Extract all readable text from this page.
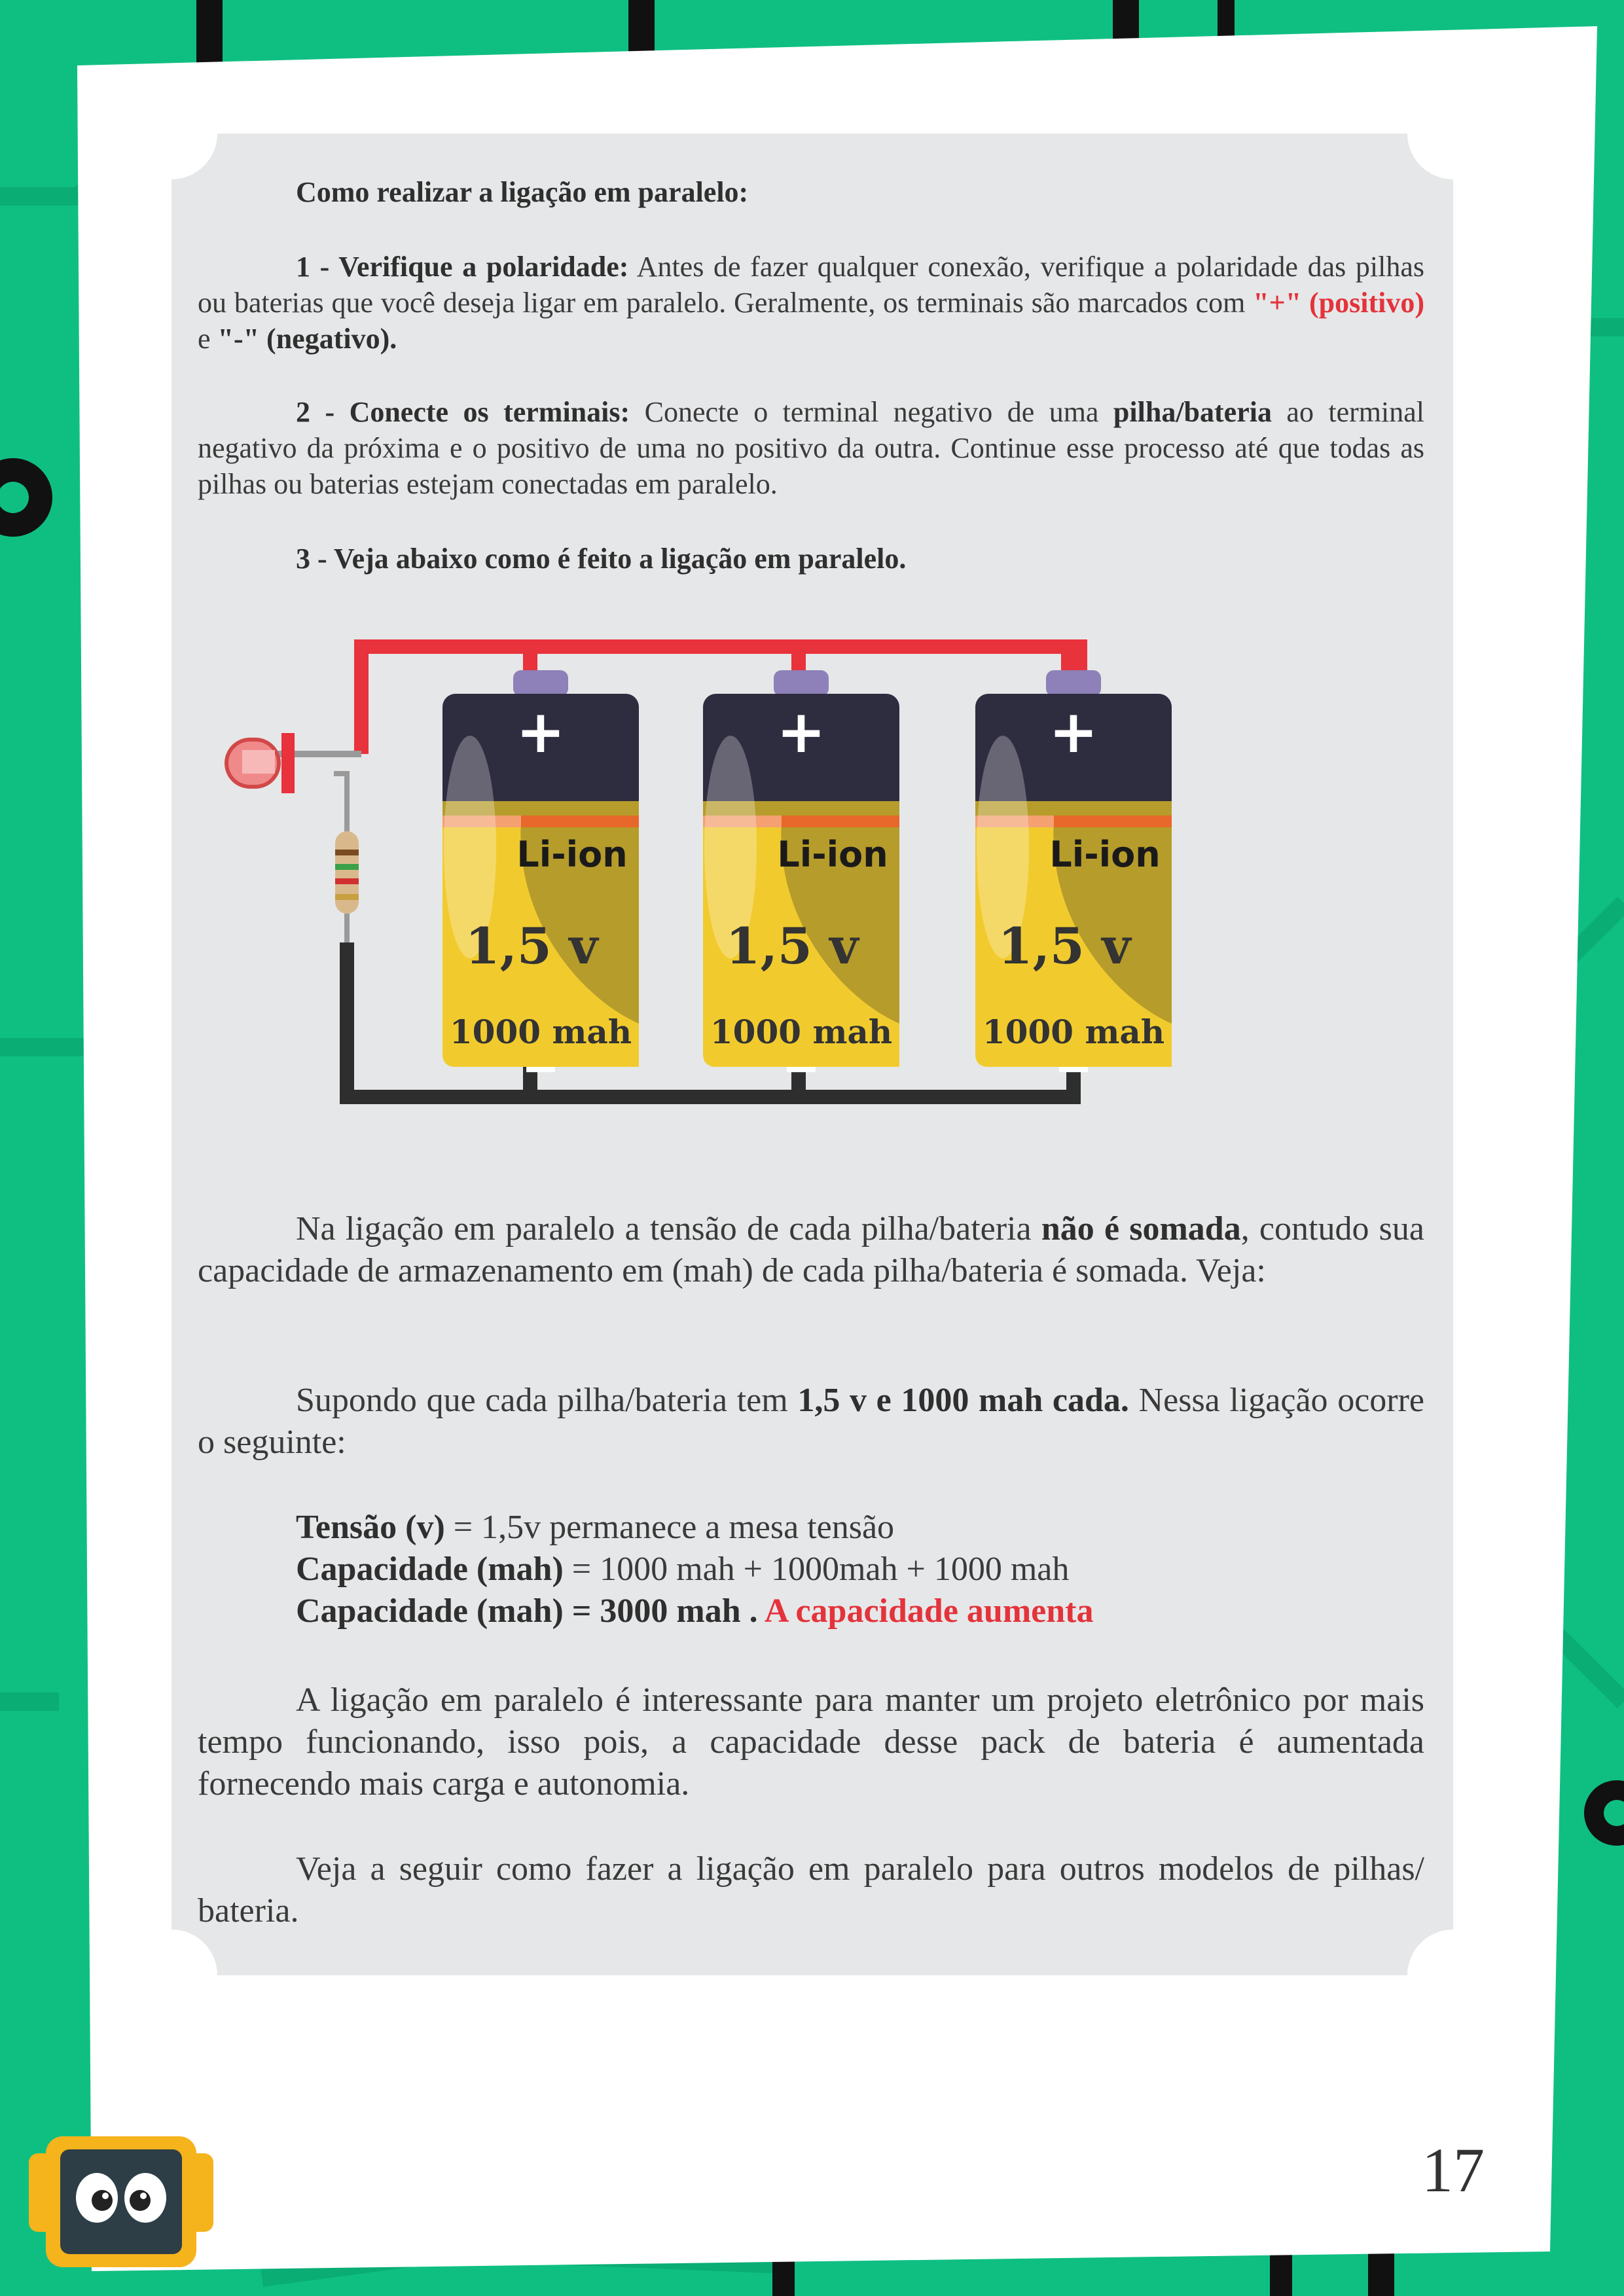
Como realizar a ligação em paralelo:
1 - Verifique a polaridade: Antes de fazer qualquer conexão, verifique a polaridade das pilhas ou baterias que você deseja ligar em paralelo. Geralmente, os terminais são marcados com "+" (positivo) e "-" (negativo).
2 - Conecte os terminais: Conecte o terminal negativo de uma pilha/bateria ao terminal negativo da próxima e o positivo de uma no positivo da outra. Continue esse processo até que todas as pilhas ou baterias estejam conectadas em paralelo.
3 - Veja abaixo como é feito a ligação em paralelo.
+
Li-ion
1,5 v
1000 mah
−
+
Li-ion
1,5 v
1000 mah
−
+
Li-ion
1,5 v
1000 mah
−
Na ligação em paralelo a tensão de cada pilha/bateria não é somada, contudo sua capacidade de armazenamento em (mah) de cada pilha/bateria é somada. Veja:
Supondo que cada pilha/bateria tem 1,5 v e 1000 mah cada. Nessa ligação ocorre o seguinte:
Tensão (v) = 1,5v permanece a mesa tensão
Capacidade (mah) = 1000 mah + 1000mah + 1000 mah
Capacidade (mah) = 3000 mah . A capacidade aumenta
A ligação em paralelo é interessante para manter um projeto eletrônico por mais tempo funcionando, isso pois, a capacidade desse pack de bateria é aumentada fornecendo mais carga e autonomia.
Veja a seguir como fazer a ligação em paralelo para outros modelos de pilhas/ bateria.
17
